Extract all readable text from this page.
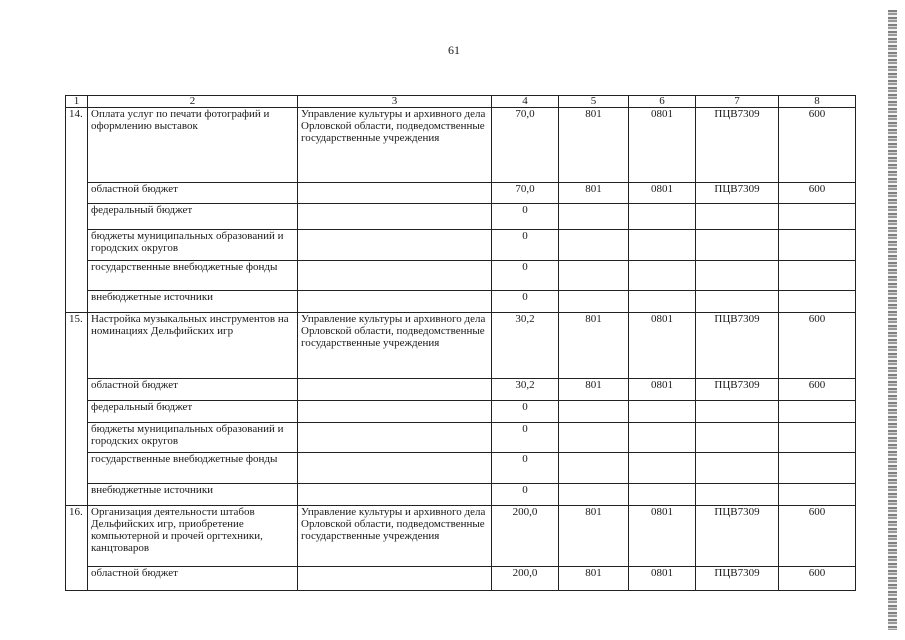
61
1	2	3	4	5	6	7	8
14.	Оплата услуг по печати фотографий и оформлению выставок	Управление культуры и архивного дела Орловской области, подведомственные государственные учреждения	70,0	801	0801	ПЦВ7309	600
	областной бюджет		70,0	801	0801	ПЦВ7309	600
	федеральный бюджет		0				
	бюджеты муниципальных образований и городских округов		0				
	государственные внебюджетные фонды		0				
	внебюджетные источники		0				
15.	Настройка музыкальных инструментов на номинациях Дельфийских игр	Управление культуры и архивного дела Орловской области, подведомственные государственные учреждения	30,2	801	0801	ПЦВ7309	600
	областной бюджет		30,2	801	0801	ПЦВ7309	600
	федеральный бюджет		0				
	бюджеты муниципальных образований и городских округов		0				
	государственные внебюджетные фонды		0				
	внебюджетные источники		0				
16.	Организация деятельности штабов Дельфийских игр, приобретение компьютерной и прочей оргтехники, канцтоваров	Управление культуры и архивного дела Орловской области, подведомственные государственные учреждения	200,0	801	0801	ПЦВ7309	600
	областной бюджет		200,0	801	0801	ПЦВ7309	600
